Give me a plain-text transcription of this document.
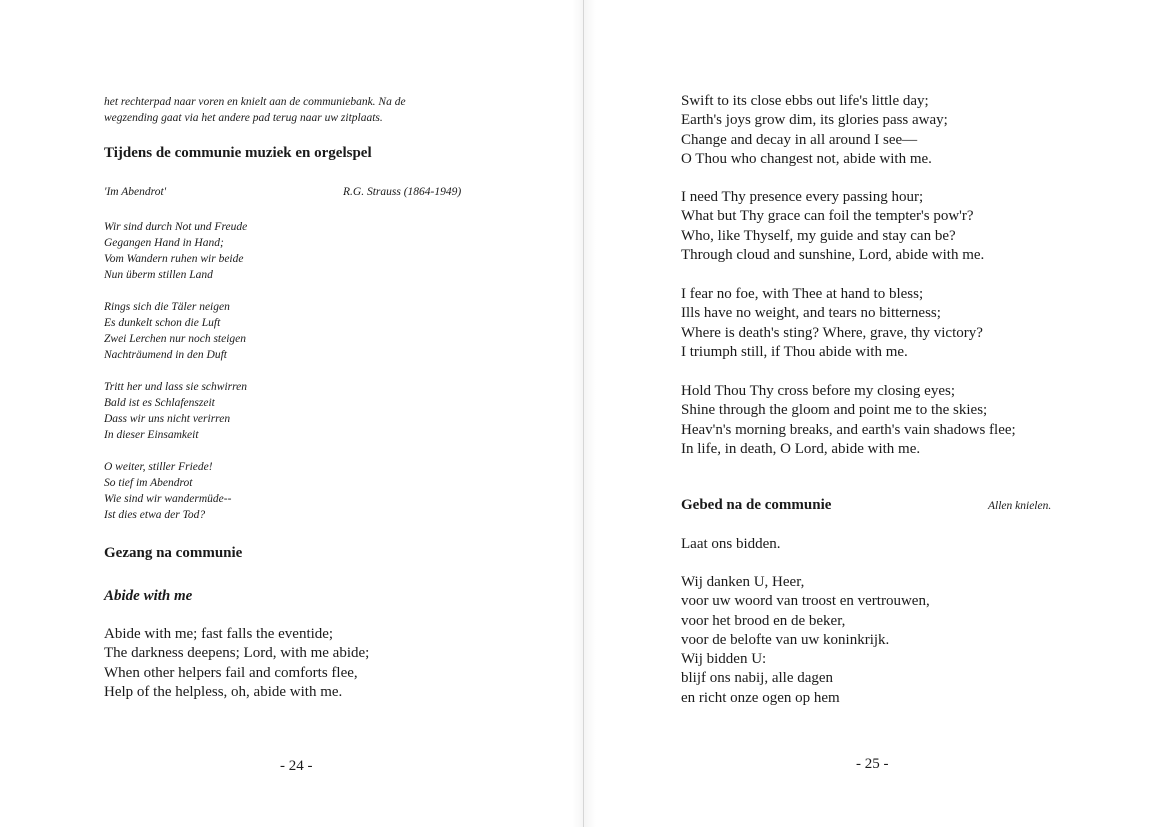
het rechterpad naar voren en knielt aan de communiebank. Na de
wegzending gaat via het andere pad terug naar uw zitplaats.
Tijdens de communie muziek en orgelspel
'Im Abendrot'	R.G. Strauss (1864-1949)
Wir sind durch Not und Freude
Gegangen Hand in Hand;
Vom Wandern ruhen wir beide
Nun überm stillen Land
Rings sich die Täler neigen
Es dunkelt schon die Luft
Zwei Lerchen nur noch steigen
Nachträumend in den Duft
Tritt her und lass sie schwirren
Bald ist es Schlafenszeit
Dass wir uns nicht verirren
In dieser Einsamkeit
O weiter, stiller Friede!
So tief im Abendrot
Wie sind wir wandermüde--
Ist dies etwa der Tod?
Gezang na communie
Abide with me
Abide with me; fast falls the eventide;
The darkness deepens; Lord, with me abide;
When other helpers fail and comforts flee,
Help of the helpless, oh, abide with me.
- 24 -
Swift to its close ebbs out life's little day;
Earth's joys grow dim, its glories pass away;
Change and decay in all around I see—
O Thou who changest not, abide with me.
I need Thy presence every passing hour;
What but Thy grace can foil the tempter's pow'r?
Who, like Thyself, my guide and stay can be?
Through cloud and sunshine, Lord, abide with me.
I fear no foe, with Thee at hand to bless;
Ills have no weight, and tears no bitterness;
Where is death's sting? Where, grave, thy victory?
I triumph still, if Thou abide with me.
Hold Thou Thy cross before my closing eyes;
Shine through the gloom and point me to the skies;
Heav'n's morning breaks, and earth's vain shadows flee;
In life, in death, O Lord, abide with me.
Gebed na de communie	Allen knielen.
Laat ons bidden.
Wij danken U, Heer,
voor uw woord van troost en vertrouwen,
voor het brood en de beker,
voor de belofte van uw koninkrijk.
Wij bidden U:
blijf ons nabij, alle dagen
en richt onze ogen op hem
- 25 -
